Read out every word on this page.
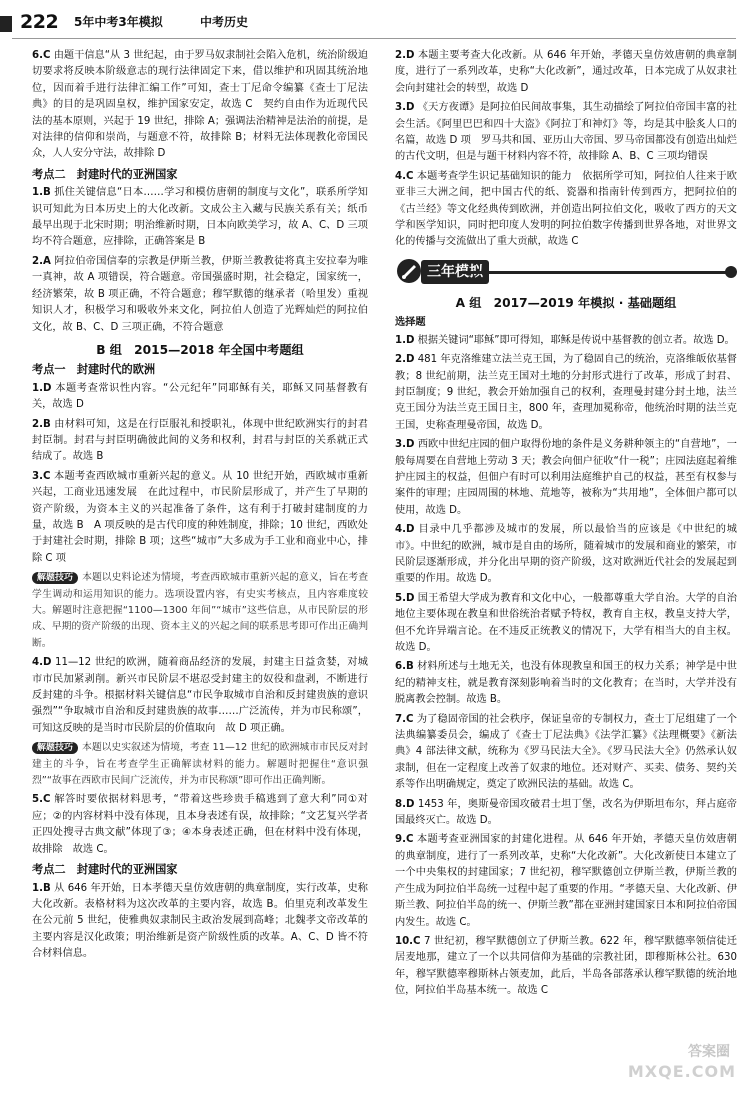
222 5年中考3年模拟	中考历史

6.C 由题干信息“从 3 世纪起，由于罗马奴隶制社会陷入危机，统治阶级迫切要求将反映本阶级意志的现行法律固定下来，借以维护和巩固其统治地位，因而着手进行法律汇编工作”可知，查士丁尼命令编纂《查士丁尼法典》的目的是巩固皇权，维护国家安定，故选 C　契约自由作为近现代民法的基本原则，兴起于 19 世纪，排除 A；强调法治精神是法治的前提，是对法律的信仰和崇尚，与题意不符，故排除 B；材料无法体现教化帝国民众，人人安分守法，故排除 D

考点二　封建时代的亚洲国家

1.B 抓住关键信息“日本……学习和模仿唐朝的制度与文化”，联系所学知识可知此为日本历史上的大化改新。文成公主入藏与民族关系有关；纸币最早出现于北宋时期；明治维新时期，日本向欧美学习，故 A、C、D 三项均不符合题意，应排除，正确答案是 B

2.A 阿拉伯帝国信奉的宗教是伊斯兰教，伊斯兰教教徒将真主安拉奉为唯一真神，故 A 项错误，符合题意。帝国强盛时期，社会稳定，国家统一，经济繁荣，故 B 项正确，不符合题意；穆罕默德的继承者（哈里发）重视知识人才，积极学习和吸收外来文化，阿拉伯人创造了光辉灿烂的阿拉伯文化，故 B、C、D 三项正确，不符合题意

B 组　2015—2018 年全国中考题组
考点一　封建时代的欧洲

1.D 本题考查常识性内容。“公元纪年”同耶稣有关，耶稣又同基督教有关，故选 D

2.B 由材料可知，这是在行臣服礼和授职礼，体现中世纪欧洲实行的封君封臣制。封君与封臣明确彼此间的义务和权利，封君与封臣的关系就正式结成了。故选 B

3.C 本题考查西欧城市重新兴起的意义。从 10 世纪开始，西欧城市重新兴起，工商业迅速发展　在此过程中，市民阶层形成了，并产生了早期的资产阶级，为资本主义的兴起准备了条件，这有利于打破封建制度的力量，故选 B　A 项反映的是古代印度的种姓制度，排除；10 世纪，西欧处于封建社会时期，排除 B 项；这些“城市”大多成为手工业和商业中心，排除 C 项

解题技巧 本题以史料论述为情境，考查西欧城市重新兴起的意义，旨在考查学生调动和运用知识的能力。选项设置内容，有史实考核点，且内容难度较大。解题时注意把握“1100—1300 年间”“城市”这些信息，从市民阶层的形成、早期的资产阶级的出现、资本主义的兴起之间的联系思考即可作出正确判断。

4.D 11—12 世纪的欧洲，随着商品经济的发展，封建主日益贪婪，对城市市民加紧剥削。新兴市民阶层不堪忍受封建主的奴役和盘剥，不断进行反封建的斗争。根据材料关键信息“市民争取城市自治和反封建贵族的意识强烈”“争取城市自治和反封建贵族的故事……广泛流传，并为市民称颂”，可知这反映的是当时市民阶层的价值取向　故 D 项正确。

解题技巧 本题以史实叙述为情境，考查 11—12 世纪的欧洲城市市民反对封建主的斗争，旨在考查学生正确解读材料的能力。解题时把握住“意识强烈”“故事在西欧市民间广泛流传，并为市民称颂”即可作出正确判断。

5.C 解答时要依据材料思考，“带着这些珍贵手稿逃到了意大利”同①对应；②的内容材料中没有体现，且本身表述有误，故排除；“文艺复兴学者正四处搜寻古典文献”体现了③；④本身表述正确，但在材料中没有体现，故排除　故选 C。

考点二　封建时代的亚洲国家

1.B 从 646 年开始，日本孝德天皇仿效唐朝的典章制度，实行改革，史称大化改新。表格材料为这次改革的主要内容，故选 B。伯里克利改革发生在公元前 5 世纪，使雅典奴隶制民主政治发展到高峰；北魏孝文帝改革的主要内容是汉化政策；明治维新是资产阶级性质的改革。A、C、D 皆不符合材料信息。

2.D 本题主要考查大化改新。从 646 年开始，孝德天皇仿效唐朝的典章制度，进行了一系列改革，史称“大化改新”，通过改革，日本完成了从奴隶社会向封建社会的转型，故选 D

3.D 《天方夜谭》是阿拉伯民间故事集，其生动描绘了阿拉伯帝国丰富的社会生活。《阿里巴巴和四十大盗》《阿拉丁和神灯》等，均是其中脍炙人口的名篇，故选 D 项　罗马共和国、亚历山大帝国、罗马帝国都没有创造出灿烂的古代文明，但是与题干材料内容不符，故排除 A、B、C 三项均错误

4.C 本题考查学生识记基础知识的能力　依据所学可知，阿拉伯人往来于欧亚非三大洲之间，把中国古代的纸、瓷器和指南针传到西方，把阿拉伯的《古兰经》等文化经典传到欧洲，并创造出阿拉伯文化，吸收了西方的天文学和医学知识，同时把印度人发明的阿拉伯数字传播到世界各地，对世界文化的传播与交流做出了重大贡献，故选 C

三年模拟
A 组　2017—2019 年模拟 · 基础题组
选择题

1.D 根据关键词“耶稣”即可得知，耶稣是传说中基督教的创立者。故选 D。

2.D 481 年克洛维建立法兰克王国，为了稳固自己的统治，克洛维皈依基督教；8 世纪前期，法兰克王国对土地的分封形式进行了改革，形成了封君、封臣制度；9 世纪，教会开始加强自己的权利，查理曼封建分封土地，法兰克王国分为法兰克王国日主，800 年，查理加冕称帝，他统治时期的法兰克王国，史称查理曼帝国，故选 D。

3.D 西欧中世纪庄园的佃户取得份地的条件是义务耕种领主的“自营地”，一般每周要在自营地上劳动 3 天；教会向佃户征收“什一税”；庄园法庭起着维护庄园主的权益，但佃户有时可以利用法庭维护自己的权益，甚至有权参与案件的审理；庄园周围的林地、荒地等，被称为“共用地”，全体佃户都可以使用，故选 D。

4.D 目录中几乎都涉及城市的发展，所以最恰当的应该是《中世纪的城市》。中世纪的欧洲，城市是自由的场所，随着城市的发展和商业的繁荣，市民阶层逐渐形成，并分化出早期的资产阶级，这对欧洲近代社会的发展起到重要的作用。故选 D。

5.D 国王希望大学成为教育和文化中心，一般都尊重大学自治。大学的自治地位主要体现在教皇和世俗统治者赋予特权，教育自主权，教皇支持大学，但不允许异端言论。在不违反正统教义的情况下，大学有相当大的自主权。故选 D。

6.B 材料所述与土地无关，也没有体现教皇和国王的权力关系；神学是中世纪的精神支柱，就是教育深刻影响着当时的文化教育；在当时，大学并没有脱离教会控制。故选 B。

7.C 为了稳固帝国的社会秩序，保证皇帝的专制权力，查士丁尼组建了一个法典编纂委员会，编成了《查士丁尼法典》《法学汇纂》《法理概要》《新法典》4 部法律文献，统称为《罗马民法大全》。《罗马民法大全》仍然承认奴隶制，但在一定程度上改善了奴隶的地位。还对财产、买卖、债务、契约关系等作出明确规定，奠定了欧洲民法的基础。故选 C。

8.D 1453 年，奥斯曼帝国攻破君士坦丁堡，改名为伊斯坦布尔，拜占庭帝国最终灭亡。故选 D。

9.C 本题考查亚洲国家的封建化进程。从 646 年开始，孝德天皇仿效唐朝的典章制度，进行了一系列改革，史称“大化改新”。大化改新使日本建立了一个中央集权的封建国家；7 世纪初，穆罕默德创立伊斯兰教，伊斯兰教的产生成为阿拉伯半岛统一过程中起了重要的作用。“孝德天皇、大化改新、伊斯兰教、阿拉伯半岛的统一、伊斯兰教”都在亚洲封建国家日本和阿拉伯帝国内发生。故选 C。

10.C 7 世纪初，穆罕默德创立了伊斯兰教。622 年，穆罕默德率领信徒迁居麦地那，建立了一个以共同信仰为基础的宗教社团，即穆斯林公社。630 年，穆罕默德率穆斯林占领麦加，此后，半岛各部落承认穆罕默德的统治地位，阿拉伯半岛基本统一。故选 C

答案圈
MXQE.COM
